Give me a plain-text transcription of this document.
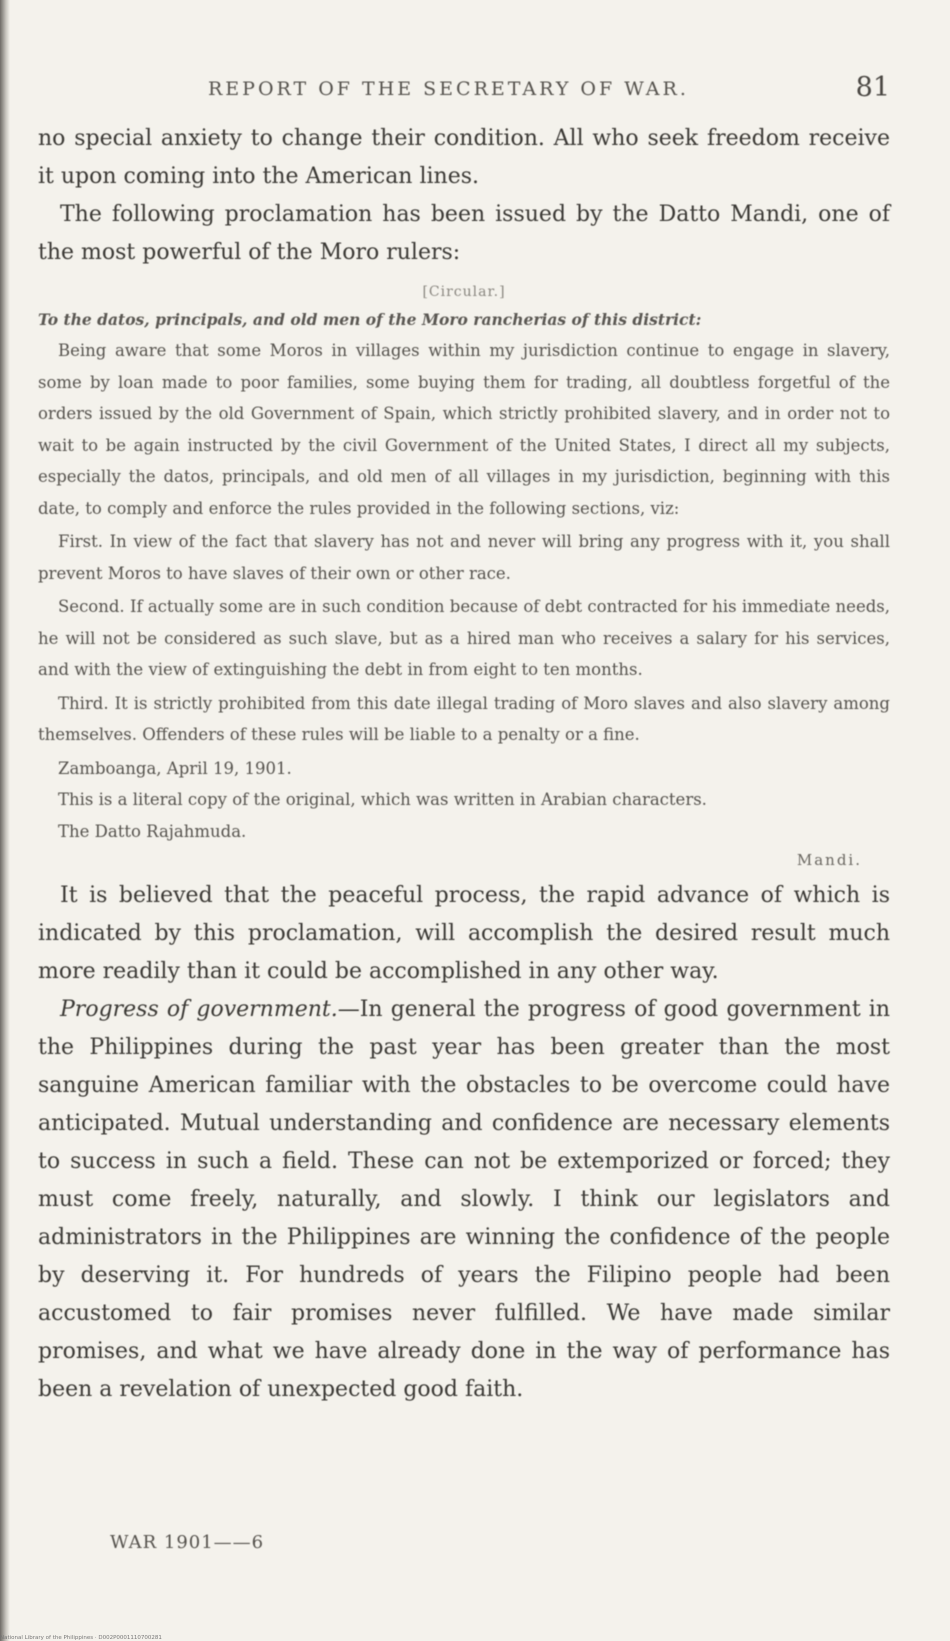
REPORT OF THE SECRETARY OF WAR.	81

no special anxiety to change their condition. All who seek freedom receive it upon coming into the American lines.

The following proclamation has been issued by the Datto Mandi, one of the most powerful of the Moro rulers:

[Circular.]
To the datos, principals, and old men of the Moro rancherias of this district:

Being aware that some Moros in villages within my jurisdiction continue to engage in slavery, some by loan made to poor families, some buying them for trading, all doubtless forgetful of the orders issued by the old Government of Spain, which strictly prohibited slavery, and in order not to wait to be again instructed by the civil Government of the United States, I direct all my subjects, especially the datos, principals, and old men of all villages in my jurisdiction, beginning with this date, to comply and enforce the rules provided in the following sections, viz:

First. In view of the fact that slavery has not and never will bring any progress with it, you shall prevent Moros to have slaves of their own or other race.

Second. If actually some are in such condition because of debt contracted for his immediate needs, he will not be considered as such slave, but as a hired man who receives a salary for his services, and with the view of extinguishing the debt in from eight to ten months.

Third. It is strictly prohibited from this date illegal trading of Moro slaves and also slavery among themselves. Offenders of these rules will be liable to a penalty or a fine.

Zamboanga, April 19, 1901.

This is a literal copy of the original, which was written in Arabian characters.

The Datto Rajahmuda.

Mandi.

It is believed that the peaceful process, the rapid advance of which is indicated by this proclamation, will accomplish the desired result much more readily than it could be accomplished in any other way.

Progress of government.—In general the progress of good government in the Philippines during the past year has been greater than the most sanguine American familiar with the obstacles to be overcome could have anticipated. Mutual understanding and confidence are necessary elements to success in such a field. These can not be extemporized or forced; they must come freely, naturally, and slowly. I think our legislators and administrators in the Philippines are winning the confidence of the people by deserving it. For hundreds of years the Filipino people had been accustomed to fair promises never fulfilled. We have made similar promises, and what we have already done in the way of performance has been a revelation of unexpected good faith.

WAR 1901——6
National Library of the Philippines · D002P0001110700281
